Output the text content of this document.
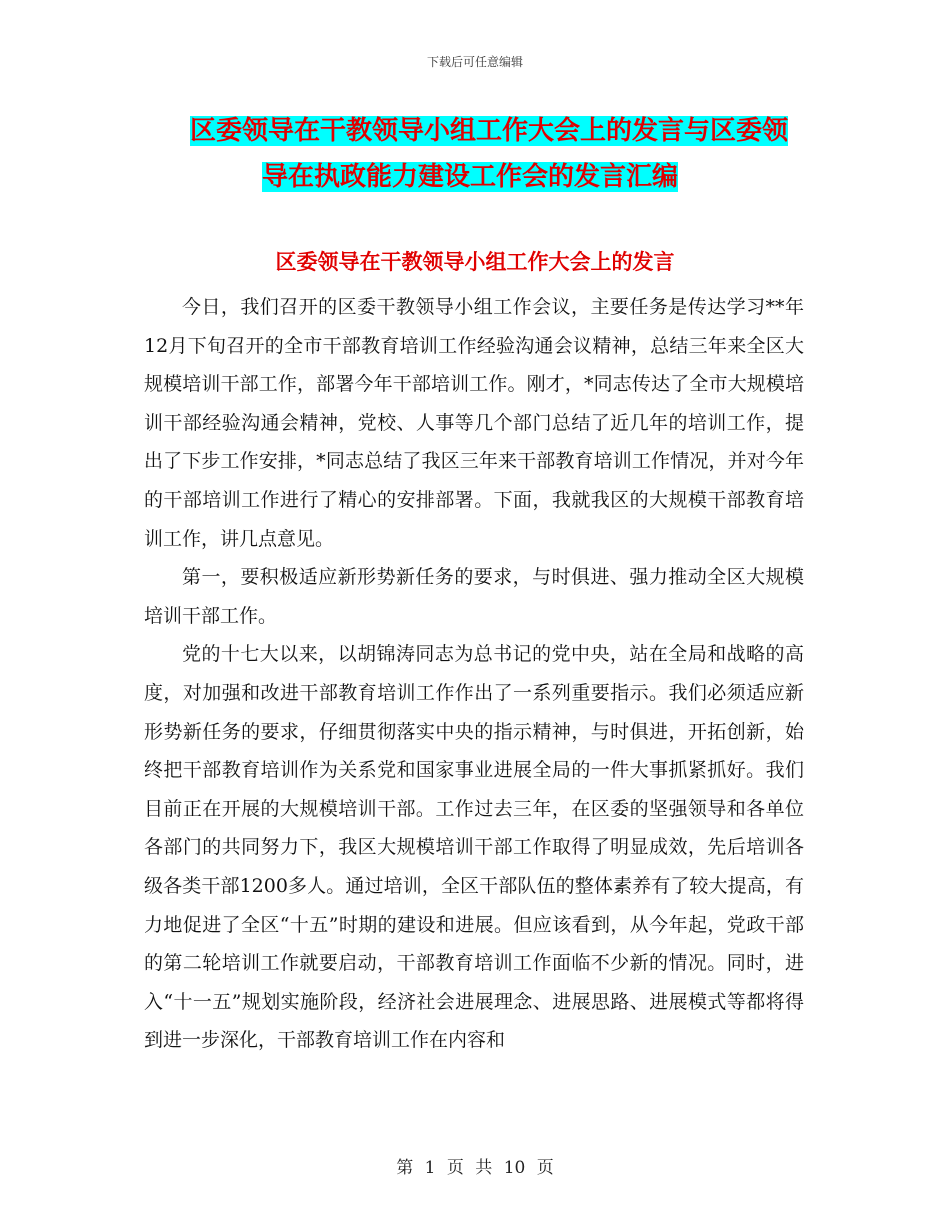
下载后可任意编辑
区委领导在干教领导小组工作大会上的发言与区委领
导在执政能力建设工作会的发言汇编
区委领导在干教领导小组工作大会上的发言

今日，我们召开的区委干教领导小组工作会议，主要任务是传达学习**年12月下旬召开的全市干部教育培训工作经验沟通会议精神，总结三年来全区大规模培训干部工作，部署今年干部培训工作。刚才，*同志传达了全市大规模培训干部经验沟通会精神，党校、人事等几个部门总结了近几年的培训工作，提出了下步工作安排，*同志总结了我区三年来干部教育培训工作情况，并对今年的干部培训工作进行了精心的安排部署。下面，我就我区的大规模干部教育培训工作，讲几点意见。

第一，要积极适应新形势新任务的要求，与时俱进、强力推动全区大规模培训干部工作。

党的十七大以来，以胡锦涛同志为总书记的党中央，站在全局和战略的高度，对加强和改进干部教育培训工作作出了一系列重要指示。我们必须适应新形势新任务的要求，仔细贯彻落实中央的指示精神，与时俱进，开拓创新，始终把干部教育培训作为关系党和国家事业进展全局的一件大事抓紧抓好。我们目前正在开展的大规模培训干部。工作过去三年，在区委的坚强领导和各单位各部门的共同努力下，我区大规模培训干部工作取得了明显成效，先后培训各级各类干部1200多人。通过培训，全区干部队伍的整体素养有了较大提高，有力地促进了全区“十五”时期的建设和进展。但应该看到，从今年起，党政干部的第二轮培训工作就要启动，干部教育培训工作面临不少新的情况。同时，进入“十一五”规划实施阶段，经济社会进展理念、进展思路、进展模式等都将得到进一步深化，干部教育培训工作在内容和

第 1 页 共 10 页
